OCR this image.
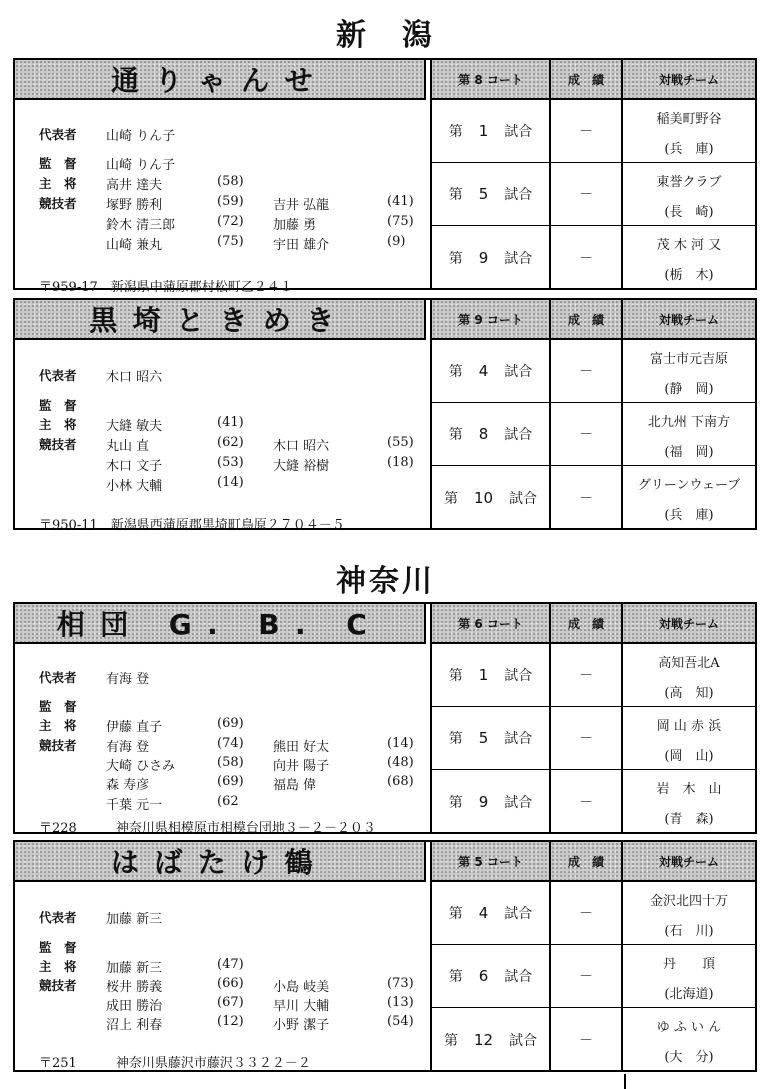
新　潟
通りゃんせ	第 8 コート	成　績	対戦チーム
代表者 山崎 りん子
監　督 山崎 りん子
主　将 高井 達夫	(58)
競技者 塚野 勝利	(59) 吉井 弘龍	(41)
鈴木 清三郎	(72) 加藤 勇	(75)
山崎 兼丸	(75) 宇田 雄介	(9)
〒959-17　 新潟県中蒲原郡村松町乙２４１
第 1 試合	－
稲美町野谷
(兵　庫)
第 5 試合	－
東誉クラブ
(長　崎)
第 9 試合	－
茂 木 河 又
(栃　木)
黒埼ときめき	第 9 コート	成　績	対戦チーム
代表者 木口 昭六
監　督
主　将 大縫 敏夫	(41)
競技者 丸山 直	(62) 木口 昭六	(55)
木口 文子	(53) 大縫 裕樹	(18)
小林 大輔	(14)
〒950-11　 新潟県西蒲原郡黒埼町鳥原２７０４－５
第 4 試合	－
富士市元吉原
(静　岡)
第 8 試合	－
北九州 下南方
(福　岡)
第 10 試合	－
グリーンウェーブ
(兵　庫)
神奈川
相団 G. B. C	第 6 コート	成　績	対戦チーム
代表者 有海 登
監　督
主　将 伊藤 直子	(69)
競技者 有海 登	(74) 熊田 好太	(14)
大崎 ひさみ	(58) 向井 陽子	(48)
森 寿彦	(69) 福島 偉	(68)
千葉 元一	(62
〒228　　　	神奈川県相模原市相模台団地３－２－２０３
第 1 試合	－
高知吾北A
(高　知)
第 5 試合	－
岡 山 赤 浜
(岡　山)
第 9 試合	－
岩　木　山
(青　森)
はばたけ鶴	第 5 コート	成　績	対戦チーム
代表者 加藤 新三
監　督
主　将 加藤 新三	(47)
競技者 桜井 勝義	(66) 小島 岐美	(73)
成田 勝治	(67) 早川 大輔	(13)
沼上 利春	(12) 小野 潔子	(54)
〒251　　　	神奈川県藤沢市藤沢３３２２－２
第 4 試合	－
金沢北四十万
(石　川)
第 6 試合	－
丹　　頂
(北海道)
第 12 試合	－
ゆ ふ い ん
(大　分)
